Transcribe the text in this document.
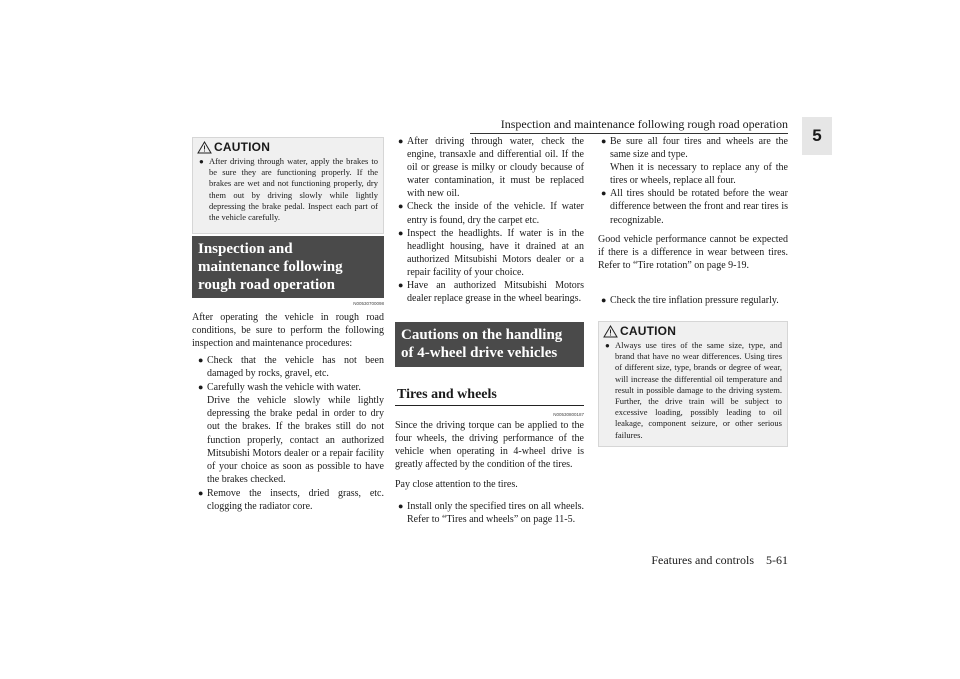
Inspection and maintenance following rough road operation
5
CAUTION
● After driving through water, apply the brakes to be sure they are functioning properly. If the brakes are wet and not functioning properly, dry them out by driving slowly while lightly depressing the brake pedal. Inspect each part of the vehicle carefully.
Inspection and maintenance following rough road operation
N00530700098
After operating the vehicle in rough road conditions, be sure to perform the following inspection and maintenance procedures:
● Check that the vehicle has not been damaged by rocks, gravel, etc.
● Carefully wash the vehicle with water.
Drive the vehicle slowly while lightly depressing the brake pedal in order to dry out the brakes. If the brakes still do not function properly, contact an authorized Mitsubishi Motors dealer or a repair facility of your choice as soon as possible to have the brakes checked.
● Remove the insects, dried grass, etc. clogging the radiator core.
● After driving through water, check the engine, transaxle and differential oil. If the oil or grease is milky or cloudy because of water contamination, it must be replaced with new oil.
● Check the inside of the vehicle. If water entry is found, dry the carpet etc.
● Inspect the headlights. If water is in the headlight housing, have it drained at an authorized Mitsubishi Motors dealer or a repair facility of your choice.
● Have an authorized Mitsubishi Motors dealer replace grease in the wheel bearings.
Cautions on the handling of 4-wheel drive vehicles
Tires and wheels
N00530800187
Since the driving torque can be applied to the four wheels, the driving performance of the vehicle when operating in 4-wheel drive is greatly affected by the condition of the tires.
Pay close attention to the tires.
● Install only the specified tires on all wheels. Refer to “Tires and wheels” on page 11-5.
● Be sure all four tires and wheels are the same size and type.
When it is necessary to replace any of the tires or wheels, replace all four.
● All tires should be rotated before the wear difference between the front and rear tires is recognizable.
Good vehicle performance cannot be expected if there is a difference in wear between tires. Refer to “Tire rotation” on page 9-19.
● Check the tire inflation pressure regularly.
CAUTION
● Always use tires of the same size, type, and brand that have no wear differences. Using tires of different size, type, brands or degree of wear, will increase the differential oil temperature and result in possible damage to the driving system. Further, the drive train will be subject to excessive loading, possibly leading to oil leakage, component seizure, or other serious failures.
Features and controls    5-61
